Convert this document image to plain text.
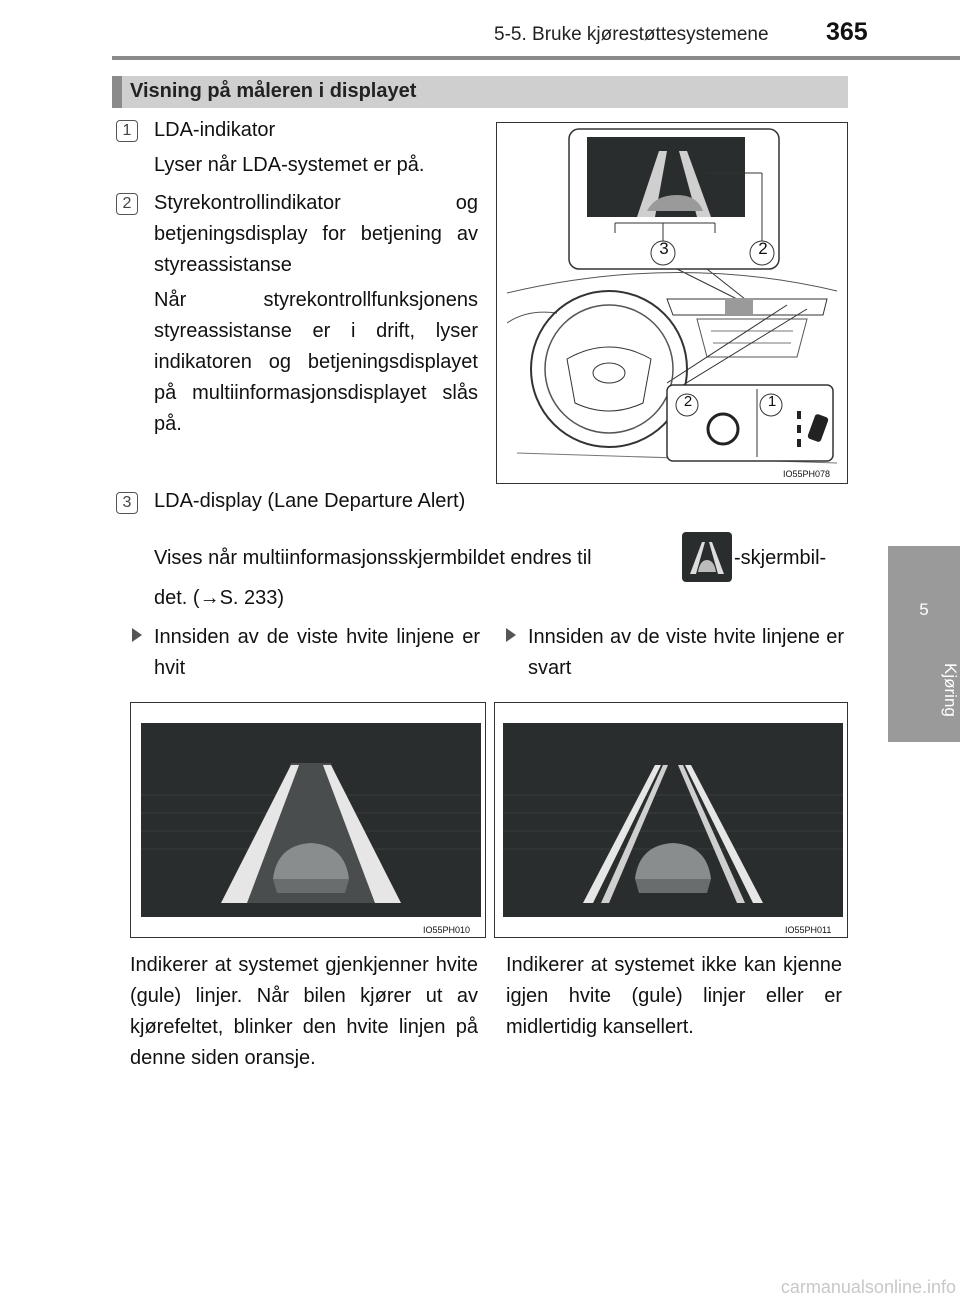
5-5. Bruke kjørestøttesystemene 365
5
Kjøring
Visning på måleren i displayet
1	LDA-indikator
Lyser når LDA-systemet er på.
2	Styrekontrollindikator og betjeningsdisplay for betjening av styreassistanse
Når styrekontrollfunksjonens styreassistanse er i drift, lyser indikatoren og betjeningsdisplayet på multiinformasjonsdisplayet slås på.
3	2
2	1
IO55PH078
3	LDA-display (Lane Departure Alert)
Vises når multiinformasjonsskjermbildet endres til	-skjermbil-
det. (→S. 233)
Innsiden av de viste hvite linjene er hvit
Innsiden av de viste hvite linjene er svart
IO55PH010	IO55PH011
Indikerer at systemet gjenkjenner hvite (gule) linjer. Når bilen kjører ut av kjørefeltet, blinker den hvite linjen på denne siden oransje.
Indikerer at systemet ikke kan kjenne igjen hvite (gule) linjer eller er midlertidig kansellert.
carmanualsonline.info
